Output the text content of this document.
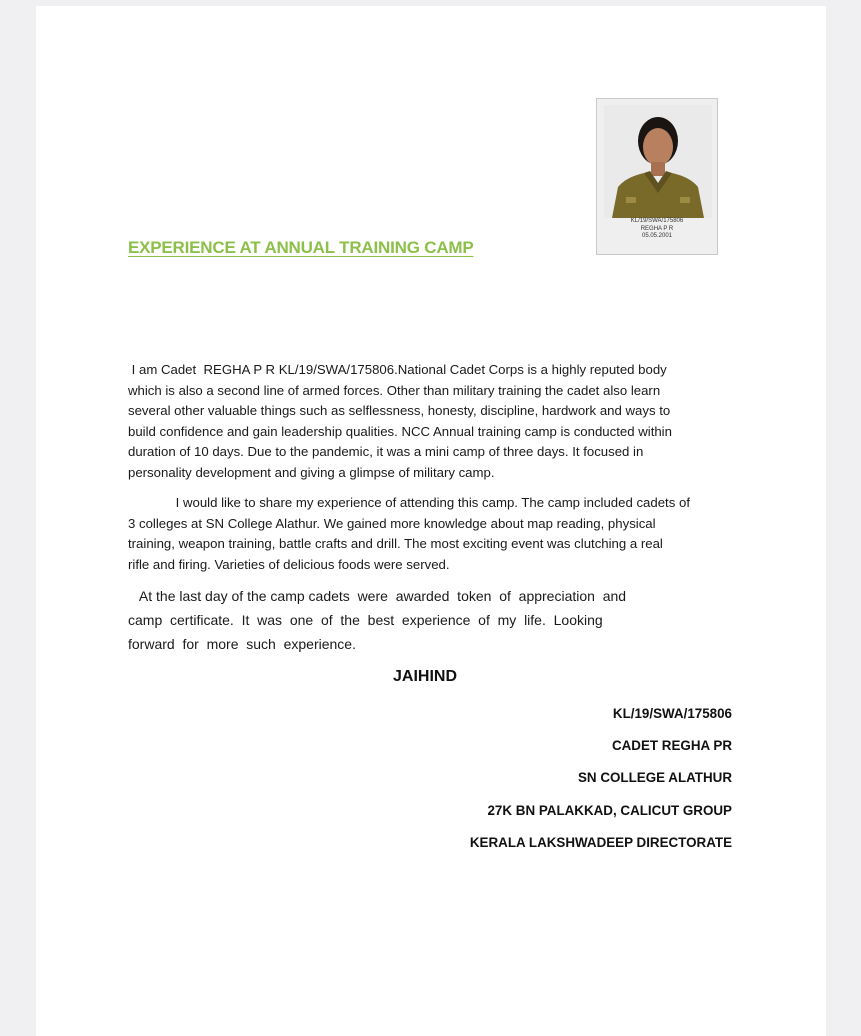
KL/19/SWA/175806
REGHA P R
05.05.2001
EXPERIENCE AT ANNUAL TRAINING CAMP
I am Cadet  REGHA P R KL/19/SWA/175806.National Cadet Corps is a highly reputed body
which is also a second line of armed forces. Other than military training the cadet also learn
several other valuable things such as selflessness, honesty, discipline, hardwork and ways to
build confidence and gain leadership qualities. NCC Annual training camp is conducted within
duration of 10 days. Due to the pandemic, it was a mini camp of three days. It focused in
personality development and giving a glimpse of military camp.
I would like to share my experience of attending this camp. The camp included cadets of
3 colleges at SN College Alathur. We gained more knowledge about map reading, physical
training, weapon training, battle crafts and drill. The most exciting event was clutching a real
rifle and firing. Varieties of delicious foods were served.
At the last day of the camp cadets  were  awarded  token  of  appreciation  and
camp  certificate.  It  was  one  of  the  best  experience  of  my  life.  Looking
forward  for  more  such  experience.
JAIHIND
KL/19/SWA/175806
CADET REGHA PR
SN COLLEGE ALATHUR
27K BN PALAKKAD, CALICUT GROUP
KERALA LAKSHWADEEP DIRECTORATE
